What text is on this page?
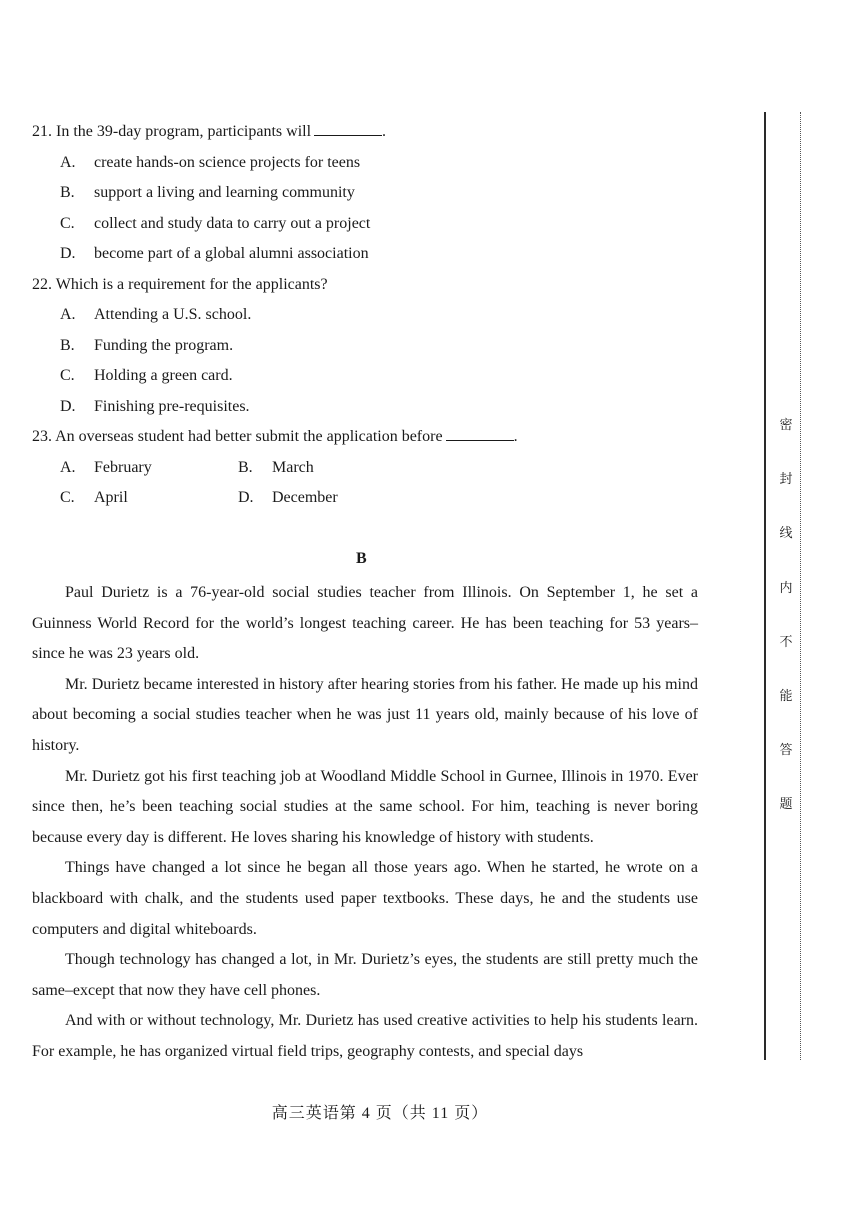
21. In the 39-day program, participants will	.

A. create hands-on science projects for teens
B. support a living and learning community
C. collect and study data to carry out a project
D. become part of a global alumni association

22. Which is a requirement for the applicants?

A. Attending a U.S. school.
B. Funding the program.
C. Holding a green card.
D. Finishing pre-requisites.

23. An overseas student had better submit the application before	.

A. February	B. March
C. April	D. December
B

Paul Durietz is a 76-year-old social studies teacher from Illinois. On September 1, he set a Guinness World Record for the world’s longest teaching career. He has been teaching for 53 years–since he was 23 years old.

Mr. Durietz became interested in history after hearing stories from his father. He made up his mind about becoming a social studies teacher when he was just 11 years old, mainly because of his love of history.

Mr. Durietz got his first teaching job at Woodland Middle School in Gurnee, Illinois in 1970. Ever since then, he’s been teaching social studies at the same school. For him, teaching is never boring because every day is different. He loves sharing his knowledge of history with students.

Things have changed a lot since he began all those years ago. When he started, he wrote on a blackboard with chalk, and the students used paper textbooks. These days, he and the students use computers and digital whiteboards.

Though technology has changed a lot, in Mr. Durietz’s eyes, the students are still pretty much the same–except that now they have cell phones.

And with or without technology, Mr. Durietz has used creative activities to help his students learn. For example, he has organized virtual field trips, geography contests, and special days

密
封
线
内
不
能
答
题
高三英语第 4 页（共 11 页）
